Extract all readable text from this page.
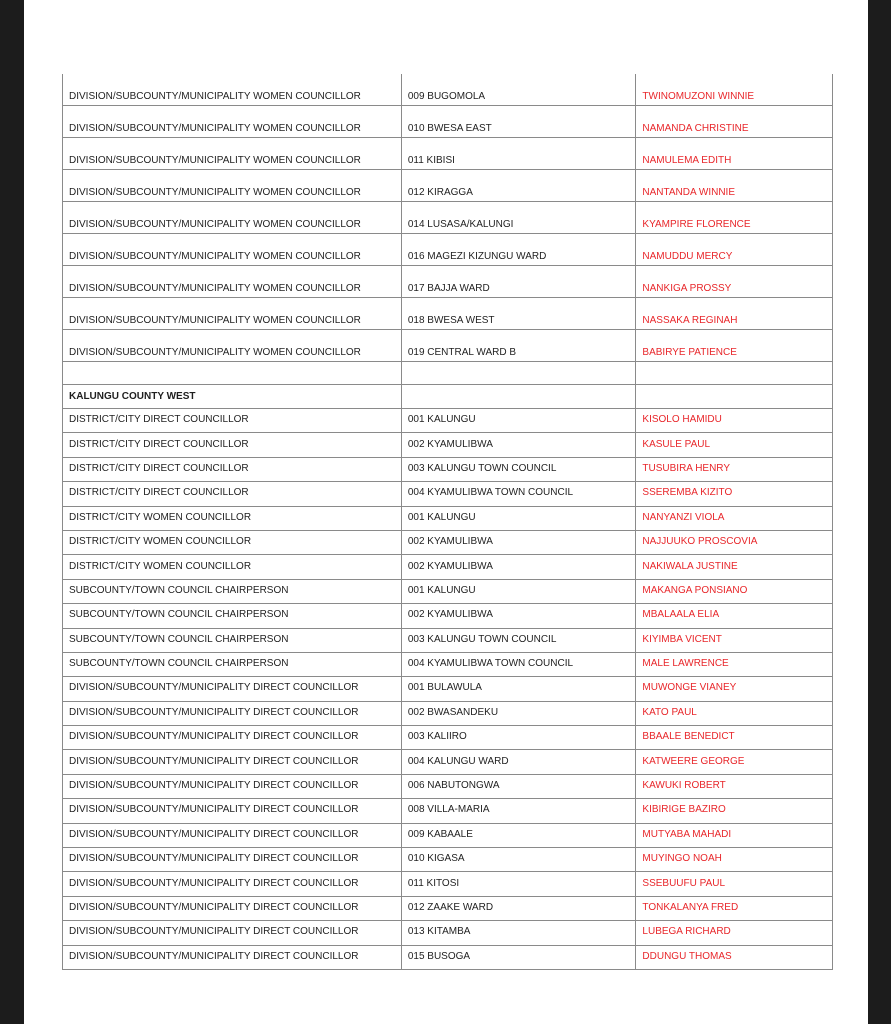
DIVISION/SUBCOUNTY/MUNICIPALITY WOMEN COUNCILLOR	009 BUGOMOLA	TWINOMUZONI WINNIE
DIVISION/SUBCOUNTY/MUNICIPALITY WOMEN COUNCILLOR	010 BWESA EAST	NAMANDA CHRISTINE
DIVISION/SUBCOUNTY/MUNICIPALITY WOMEN COUNCILLOR	011 KIBISI	NAMULEMA EDITH
DIVISION/SUBCOUNTY/MUNICIPALITY WOMEN COUNCILLOR	012 KIRAGGA	NANTANDA WINNIE
DIVISION/SUBCOUNTY/MUNICIPALITY WOMEN COUNCILLOR	014 LUSASA/KALUNGI	KYAMPIRE FLORENCE
DIVISION/SUBCOUNTY/MUNICIPALITY WOMEN COUNCILLOR	016 MAGEZI KIZUNGU WARD	NAMUDDU MERCY
DIVISION/SUBCOUNTY/MUNICIPALITY WOMEN COUNCILLOR	017 BAJJA WARD	NANKIGA PROSSY
DIVISION/SUBCOUNTY/MUNICIPALITY WOMEN COUNCILLOR	018 BWESA WEST	NASSAKA REGINAH
DIVISION/SUBCOUNTY/MUNICIPALITY WOMEN COUNCILLOR	019 CENTRAL WARD B	BABIRYE PATIENCE

KALUNGU COUNTY WEST		
DISTRICT/CITY DIRECT COUNCILLOR	001 KALUNGU	KISOLO HAMIDU
DISTRICT/CITY DIRECT COUNCILLOR	002 KYAMULIBWA	KASULE PAUL
DISTRICT/CITY DIRECT COUNCILLOR	003 KALUNGU TOWN COUNCIL	TUSUBIRA HENRY
DISTRICT/CITY DIRECT COUNCILLOR	004 KYAMULIBWA TOWN COUNCIL	SSEREMBA KIZITO
DISTRICT/CITY WOMEN COUNCILLOR	001 KALUNGU	NANYANZI VIOLA
DISTRICT/CITY WOMEN COUNCILLOR	002 KYAMULIBWA	NAJJUUKO PROSCOVIA
DISTRICT/CITY WOMEN COUNCILLOR	002 KYAMULIBWA	NAKIWALA JUSTINE
SUBCOUNTY/TOWN COUNCIL CHAIRPERSON	001 KALUNGU	MAKANGA PONSIANO
SUBCOUNTY/TOWN COUNCIL CHAIRPERSON	002 KYAMULIBWA	MBALAALA ELIA
SUBCOUNTY/TOWN COUNCIL CHAIRPERSON	003 KALUNGU TOWN COUNCIL	KIYIMBA VICENT
SUBCOUNTY/TOWN COUNCIL CHAIRPERSON	004 KYAMULIBWA TOWN COUNCIL	MALE LAWRENCE
DIVISION/SUBCOUNTY/MUNICIPALITY DIRECT COUNCILLOR	001 BULAWULA	MUWONGE VIANEY
DIVISION/SUBCOUNTY/MUNICIPALITY DIRECT COUNCILLOR	002 BWASANDEKU	KATO PAUL
DIVISION/SUBCOUNTY/MUNICIPALITY DIRECT COUNCILLOR	003 KALIIRO	BBAALE BENEDICT
DIVISION/SUBCOUNTY/MUNICIPALITY DIRECT COUNCILLOR	004 KALUNGU WARD	KATWEERE GEORGE
DIVISION/SUBCOUNTY/MUNICIPALITY DIRECT COUNCILLOR	006 NABUTONGWA	KAWUKI ROBERT
DIVISION/SUBCOUNTY/MUNICIPALITY DIRECT COUNCILLOR	008 VILLA-MARIA	KIBIRIGE BAZIRO
DIVISION/SUBCOUNTY/MUNICIPALITY DIRECT COUNCILLOR	009 KABAALE	MUTYABA MAHADI
DIVISION/SUBCOUNTY/MUNICIPALITY DIRECT COUNCILLOR	010 KIGASA	MUYINGO NOAH
DIVISION/SUBCOUNTY/MUNICIPALITY DIRECT COUNCILLOR	011 KITOSI	SSEBUUFU PAUL
DIVISION/SUBCOUNTY/MUNICIPALITY DIRECT COUNCILLOR	012 ZAAKE WARD	TONKALANYA FRED
DIVISION/SUBCOUNTY/MUNICIPALITY DIRECT COUNCILLOR	013 KITAMBA	LUBEGA RICHARD
DIVISION/SUBCOUNTY/MUNICIPALITY DIRECT COUNCILLOR	015 BUSOGA	DDUNGU THOMAS
